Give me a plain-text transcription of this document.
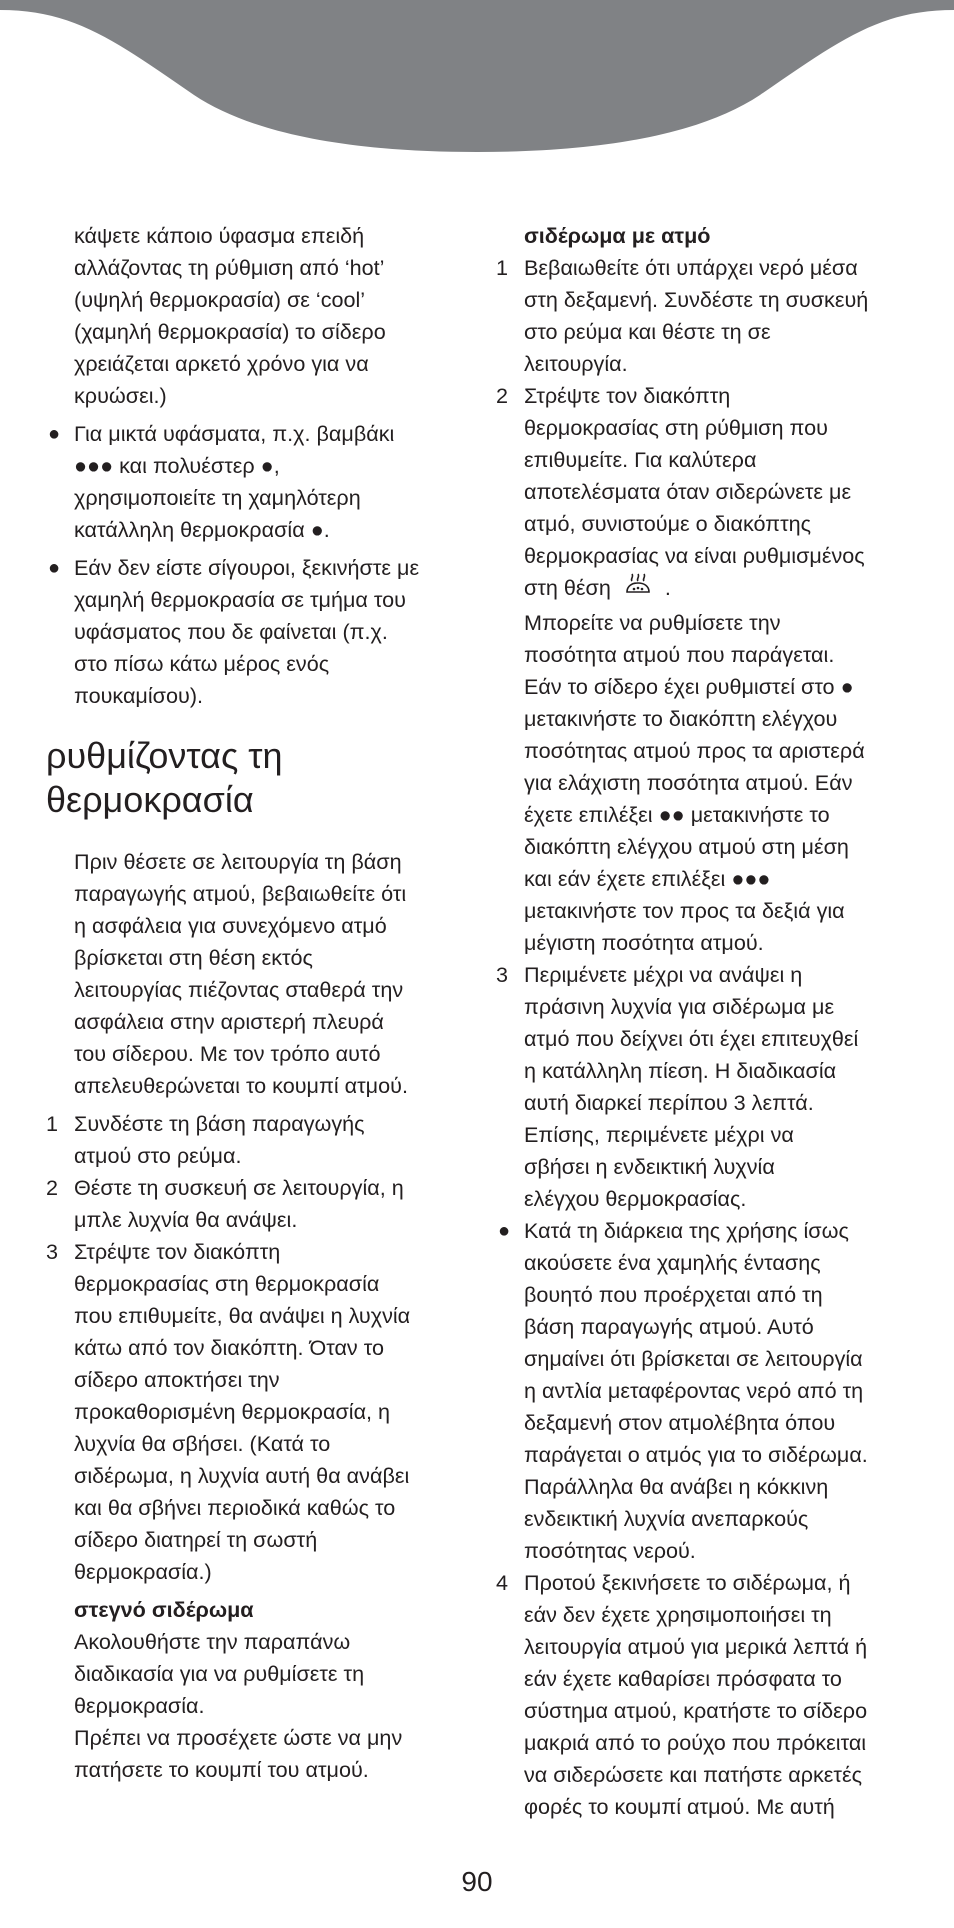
κάψετε κάποιο ύφασμα επειδή
αλλάζοντας τη ρύθμιση από ‘hot’
(υψηλή θερμοκρασία) σε ‘cool’
(χαμηλή θερμοκρασία) το σίδερο
χρειάζεται αρκετό χρόνο για να
κρυώσει.)
● Για μικτά υφάσματα, π.χ. βαμβάκι
●●● και πολυέστερ ●,
χρησιμοποιείτε τη χαμηλότερη
κατάλληλη θερμοκρασία ●.
● Εάν δεν είστε σίγουροι, ξεκινήστε με
χαμηλή θερμοκρασία σε τμήμα του
υφάσματος που δε φαίνεται (π.χ.
στο πίσω κάτω μέρος ενός
πουκαμίσου).
ρυθμίζοντας τη
θερμοκρασία
Πριν θέσετε σε λειτουργία τη βάση
παραγωγής ατμού, βεβαιωθείτε ότι
η ασφάλεια για συνεχόμενο ατμό
βρίσκεται στη θέση εκτός
λειτουργίας πιέζοντας σταθερά την
ασφάλεια στην αριστερή πλευρά
του σίδερου. Με τον τρόπο αυτό
απελευθερώνεται το κουμπί ατμού.
1 Συνδέστε τη βάση παραγωγής
ατμού στο ρεύμα.
2 Θέστε τη συσκευή σε λειτουργία, η
μπλε λυχνία θα ανάψει.
3 Στρέψτε τον διακόπτη
θερμοκρασίας στη θερμοκρασία
που επιθυμείτε, θα ανάψει η λυχνία
κάτω από τον διακόπτη. Όταν το
σίδερο αποκτήσει την
προκαθορισμένη θερμοκρασία, η
λυχνία θα σβήσει. (Κατά το
σιδέρωμα, η λυχνία αυτή θα ανάβει
και θα σβήνει περιοδικά καθώς το
σίδερο διατηρεί τη σωστή
θερμοκρασία.)
στεγνό σιδέρωμα
Ακολουθήστε την παραπάνω
διαδικασία για να ρυθμίσετε τη
θερμοκρασία.
Πρέπει να προσέχετε ώστε να μην
πατήσετε το κουμπί του ατμού.
σιδέρωμα με ατμό
1 Βεβαιωθείτε ότι υπάρχει νερό μέσα
στη δεξαμενή. Συνδέστε τη συσκευή
στο ρεύμα και θέστε τη σε
λειτουργία.
2 Στρέψτε τον διακόπτη
θερμοκρασίας στη ρύθμιση που
επιθυμείτε. Για καλύτερα
αποτελέσματα όταν σιδερώνετε με
ατμό, συνιστούμε ο διακόπτης
θερμοκρασίας να είναι ρυθμισμένος
στη θέση	.
Μπορείτε να ρυθμίσετε την
ποσότητα ατμού που παράγεται.
Εάν το σίδερο έχει ρυθμιστεί στο ●
μετακινήστε το διακόπτη ελέγχου
ποσότητας ατμού προς τα αριστερά
για ελάχιστη ποσότητα ατμού. Εάν
έχετε επιλέξει ●● μετακινήστε το
διακόπτη ελέγχου ατμού στη μέση
και εάν έχετε επιλέξει ●●●
μετακινήστε τον προς τα δεξιά για
μέγιστη ποσότητα ατμού.
3 Περιμένετε μέχρι να ανάψει η
πράσινη λυχνία για σιδέρωμα με
ατμό που δείχνει ότι έχει επιτευχθεί
η κατάλληλη πίεση. Η διαδικασία
αυτή διαρκεί περίπου 3 λεπτά.
Επίσης, περιμένετε μέχρι να
σβήσει η ενδεικτική λυχνία
ελέγχου θερμοκρασίας.
● Κατά τη διάρκεια της χρήσης ίσως
ακούσετε ένα χαμηλής έντασης
βουητό που προέρχεται από τη
βάση παραγωγής ατμού. Αυτό
σημαίνει ότι βρίσκεται σε λειτουργία
η αντλία μεταφέροντας νερό από τη
δεξαμενή στον ατμολέβητα όπου
παράγεται ο ατμός για το σιδέρωμα.
Παράλληλα θα ανάβει η κόκκινη
ενδεικτική λυχνία ανεπαρκούς
ποσότητας νερού.
4 Προτού ξεκινήσετε το σιδέρωμα, ή
εάν δεν έχετε χρησιμοποιήσει τη
λειτουργία ατμού για μερικά λεπτά ή
εάν έχετε καθαρίσει πρόσφατα το
σύστημα ατμού, κρατήστε το σίδερο
μακριά από το ρούχο που πρόκειται
να σιδερώσετε και πατήστε αρκετές
φορές το κουμπί ατμού. Με αυτή
90
